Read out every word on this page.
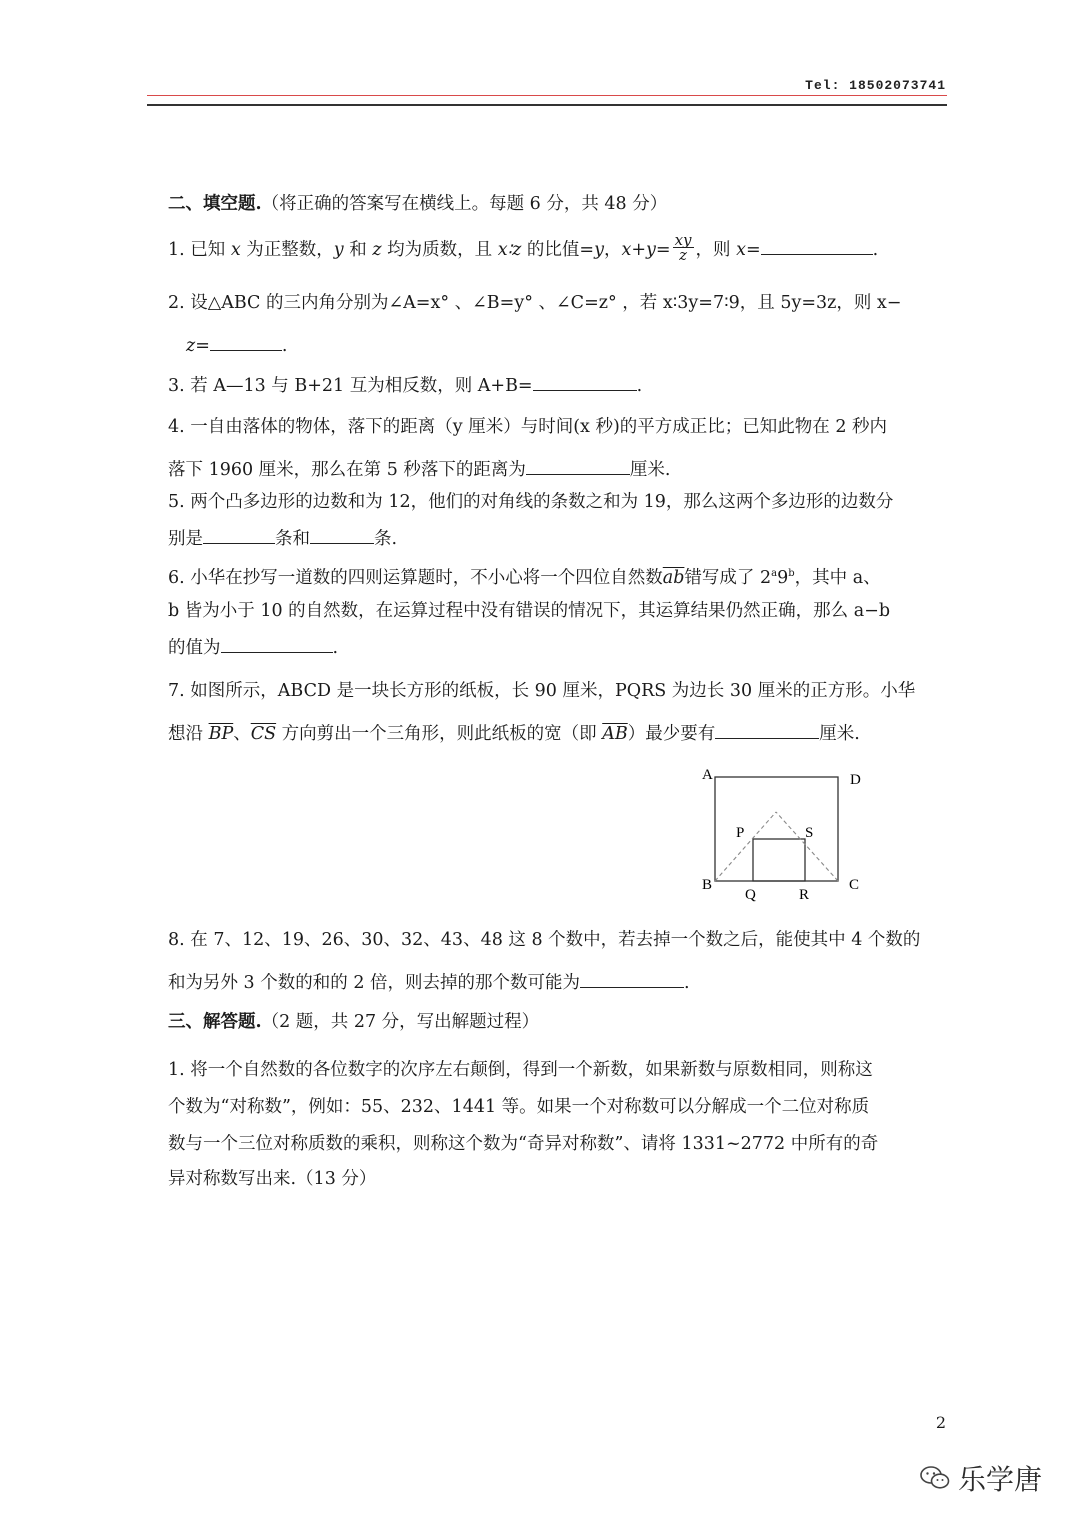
Tel: 18502073741
二、填空题.（将正确的答案写在横线上。每题 6 分，共 48 分）
1. 已知 x 为正整数，y 和 z 均为质数，且 x∶z 的比值=y，$x+y= \frac{xy}{z}$ ，则 x=	.
2. 设△ABC 的三内角分别为∠A=x° 、∠B=y° 、∠C=z° ，若 x∶3y=7∶9，且 5y=3z，则 x−
z=	.
3. 若 A—13 与 B+21 互为相反数，则 A+B=	.
4. 一自由落体的物体，落下的距离（y 厘米）与时间(x 秒)的平方成正比；已知此物在 2 秒内
落下 1960 厘米，那么在第 5 秒落下的距离为	厘米.
5. 两个凸多边形的边数和为 12，他们的对角线的条数之和为 19，那么这两个多边形的边数分
别是	条和	条.
6. 小华在抄写一道数的四则运算题时，不小心将一个四位自然数$\overline{ab}$错写成了 2$^a$9$^b$，其中 a、
b 皆为小于 10 的自然数，在运算过程中没有错误的情况下，其运算结果仍然正确，那么 a−b
的值为	.
7. 如图所示，ABCD 是一块长方形的纸板，长 90 厘米，PQRS 为边长 30 厘米的正方形。小华
想沿 $\overline{BP}$、$\overline{CS}$ 方向剪出一个三角形，则此纸板的宽（即 $\overline{AB}$）最少要有	厘米.
A	D
B	C
P	S
Q	R
8. 在 7、12、19、26、30、32、43、48 这 8 个数中，若去掉一个数之后，能使其中 4 个数的
和为另外 3 个数的和的 2 倍，则去掉的那个数可能为	.
三、解答题.（2 题，共 27 分，写出解题过程）
1. 将一个自然数的各位数字的次序左右颠倒，得到一个新数，如果新数与原数相同，则称这
个数为“对称数”，例如：55、232、1441 等。如果一个对称数可以分解成一个二位对称质
数与一个三位对称质数的乘积，则称这个数为“奇异对称数”、请将 1331~2772 中所有的奇
异对称数写出来.（13 分）
2
乐学唐
